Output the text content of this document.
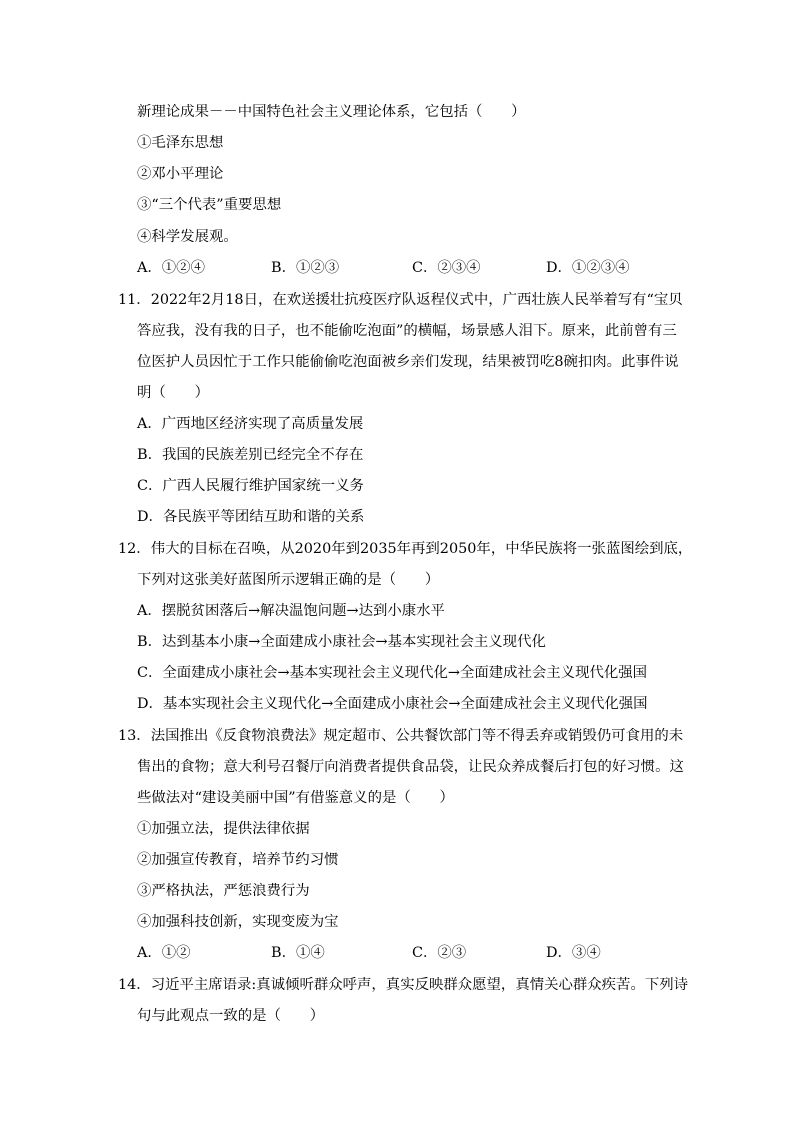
新理论成果－－中国特色社会主义理论体系，它包括（　　）
①毛泽东思想
②邓小平理论
③“三个代表”重要思想
④科学发展观。
A．①②④	B．①②③	C．②③④	D．①②③④
11．2022年2月18日，在欢送援壮抗疫医疗队返程仪式中，广西壮族人民举着写有“宝贝
答应我，没有我的日子，也不能偷吃泡面”的横幅，场景感人泪下。原来，此前曾有三
位医护人员因忙于工作只能偷偷吃泡面被乡亲们发现，结果被罚吃8碗扣肉。此事件说
明（　　）
A．广西地区经济实现了高质量发展
B．我国的民族差别已经完全不存在
C．广西人民履行维护国家统一义务
D．各民族平等团结互助和谐的关系
12．伟大的目标在召唤，从2020年到2035年再到2050年，中华民族将一张蓝图绘到底，
下列对这张美好蓝图所示逻辑正确的是（　　）
A．摆脱贫困落后→解决温饱问题→达到小康水平
B．达到基本小康→全面建成小康社会→基本实现社会主义现代化
C．全面建成小康社会→基本实现社会主义现代化→全面建成社会主义现代化强国
D．基本实现社会主义现代化→全面建成小康社会→全面建成社会主义现代化强国
13．法国推出《反食物浪费法》规定超市、公共餐饮部门等不得丢弃或销毁仍可食用的未
售出的食物；意大利号召餐厅向消费者提供食品袋，让民众养成餐后打包的好习惯。这
些做法对“建设美丽中国”有借鉴意义的是（　　）
①加强立法，提供法律依据
②加强宣传教育，培养节约习惯
③严格执法，严惩浪费行为
④加强科技创新，实现变废为宝
A．①②	B．①④	C．②③	D．③④
14．习近平主席语录:真诚倾听群众呼声，真实反映群众愿望，真情关心群众疾苦。下列诗
句与此观点一致的是（　　）
